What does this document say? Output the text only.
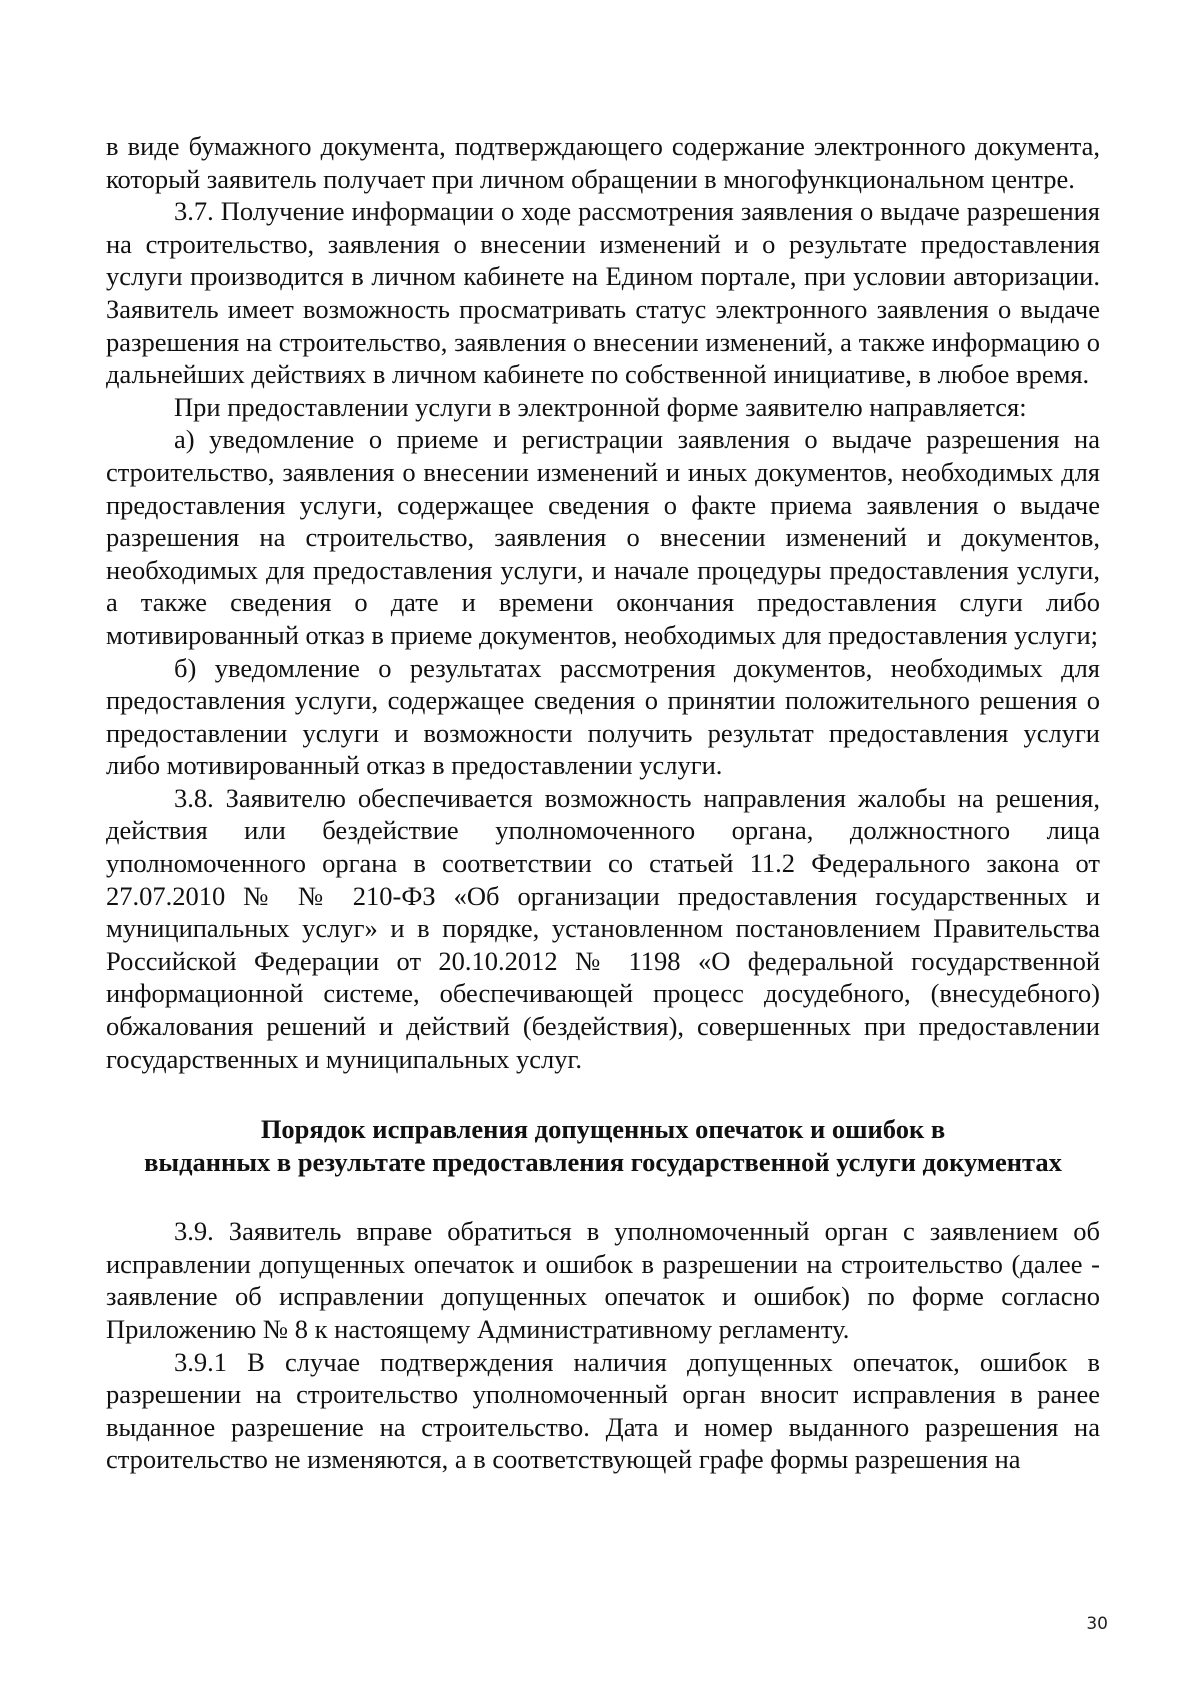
в виде бумажного документа, подтверждающего содержание электронного документа, который заявитель получает при личном обращении в многофункциональном центре.

3.7. Получение информации о ходе рассмотрения заявления о выдаче разрешения на строительство, заявления о внесении изменений и о результате предоставления услуги производится в личном кабинете на Едином портале, при условии авторизации. Заявитель имеет возможность просматривать статус электронного заявления о выдаче разрешения на строительство, заявления о внесении изменений, а также информацию о дальнейших действиях в личном кабинете по собственной инициативе, в любое время.

При предоставлении услуги в электронной форме заявителю направляется:

а) уведомление о приеме и регистрации заявления о выдаче разрешения на строительство, заявления о внесении изменений и иных документов, необходимых для предоставления услуги, содержащее сведения о факте приема заявления о выдаче разрешения на строительство, заявления о внесении изменений и документов, необходимых для предоставления услуги, и начале процедуры предоставления услуги, а также сведения о дате и времени окончания предоставления слуги либо мотивированный отказ в приеме документов, необходимых для предоставления услуги;

б) уведомление о результатах рассмотрения документов, необходимых для предоставления услуги, содержащее сведения о принятии положительного решения о предоставлении услуги и возможности получить результат предоставления услуги либо мотивированный отказ в предоставлении услуги.

3.8. Заявителю обеспечивается возможность направления жалобы на решения, действия или бездействие уполномоченного органа, должностного лица уполномоченного органа в соответствии со статьей 11.2 Федерального закона от 27.07.2010 № № 210-ФЗ «Об организации предоставления государственных и муниципальных услуг» и в порядке, установленном постановлением Правительства Российской Федерации от 20.10.2012 № 1198 «О федеральной государственной информационной системе, обеспечивающей процесс досудебного, (внесудебного) обжалования решений и действий (бездействия), совершенных при предоставлении государственных и муниципальных услуг.

Порядок исправления допущенных опечаток и ошибок в
выданных в результате предоставления государственной услуги документах

3.9. Заявитель вправе обратиться в уполномоченный орган с заявлением об исправлении допущенных опечаток и ошибок в разрешении на строительство (далее - заявление об исправлении допущенных опечаток и ошибок) по форме согласно Приложению № 8 к настоящему Административному регламенту.

3.9.1 В случае подтверждения наличия допущенных опечаток, ошибок в разрешении на строительство уполномоченный орган вносит исправления в ранее выданное разрешение на строительство. Дата и номер выданного разрешения на строительство не изменяются, а в соответствующей графе формы разрешения на

30
